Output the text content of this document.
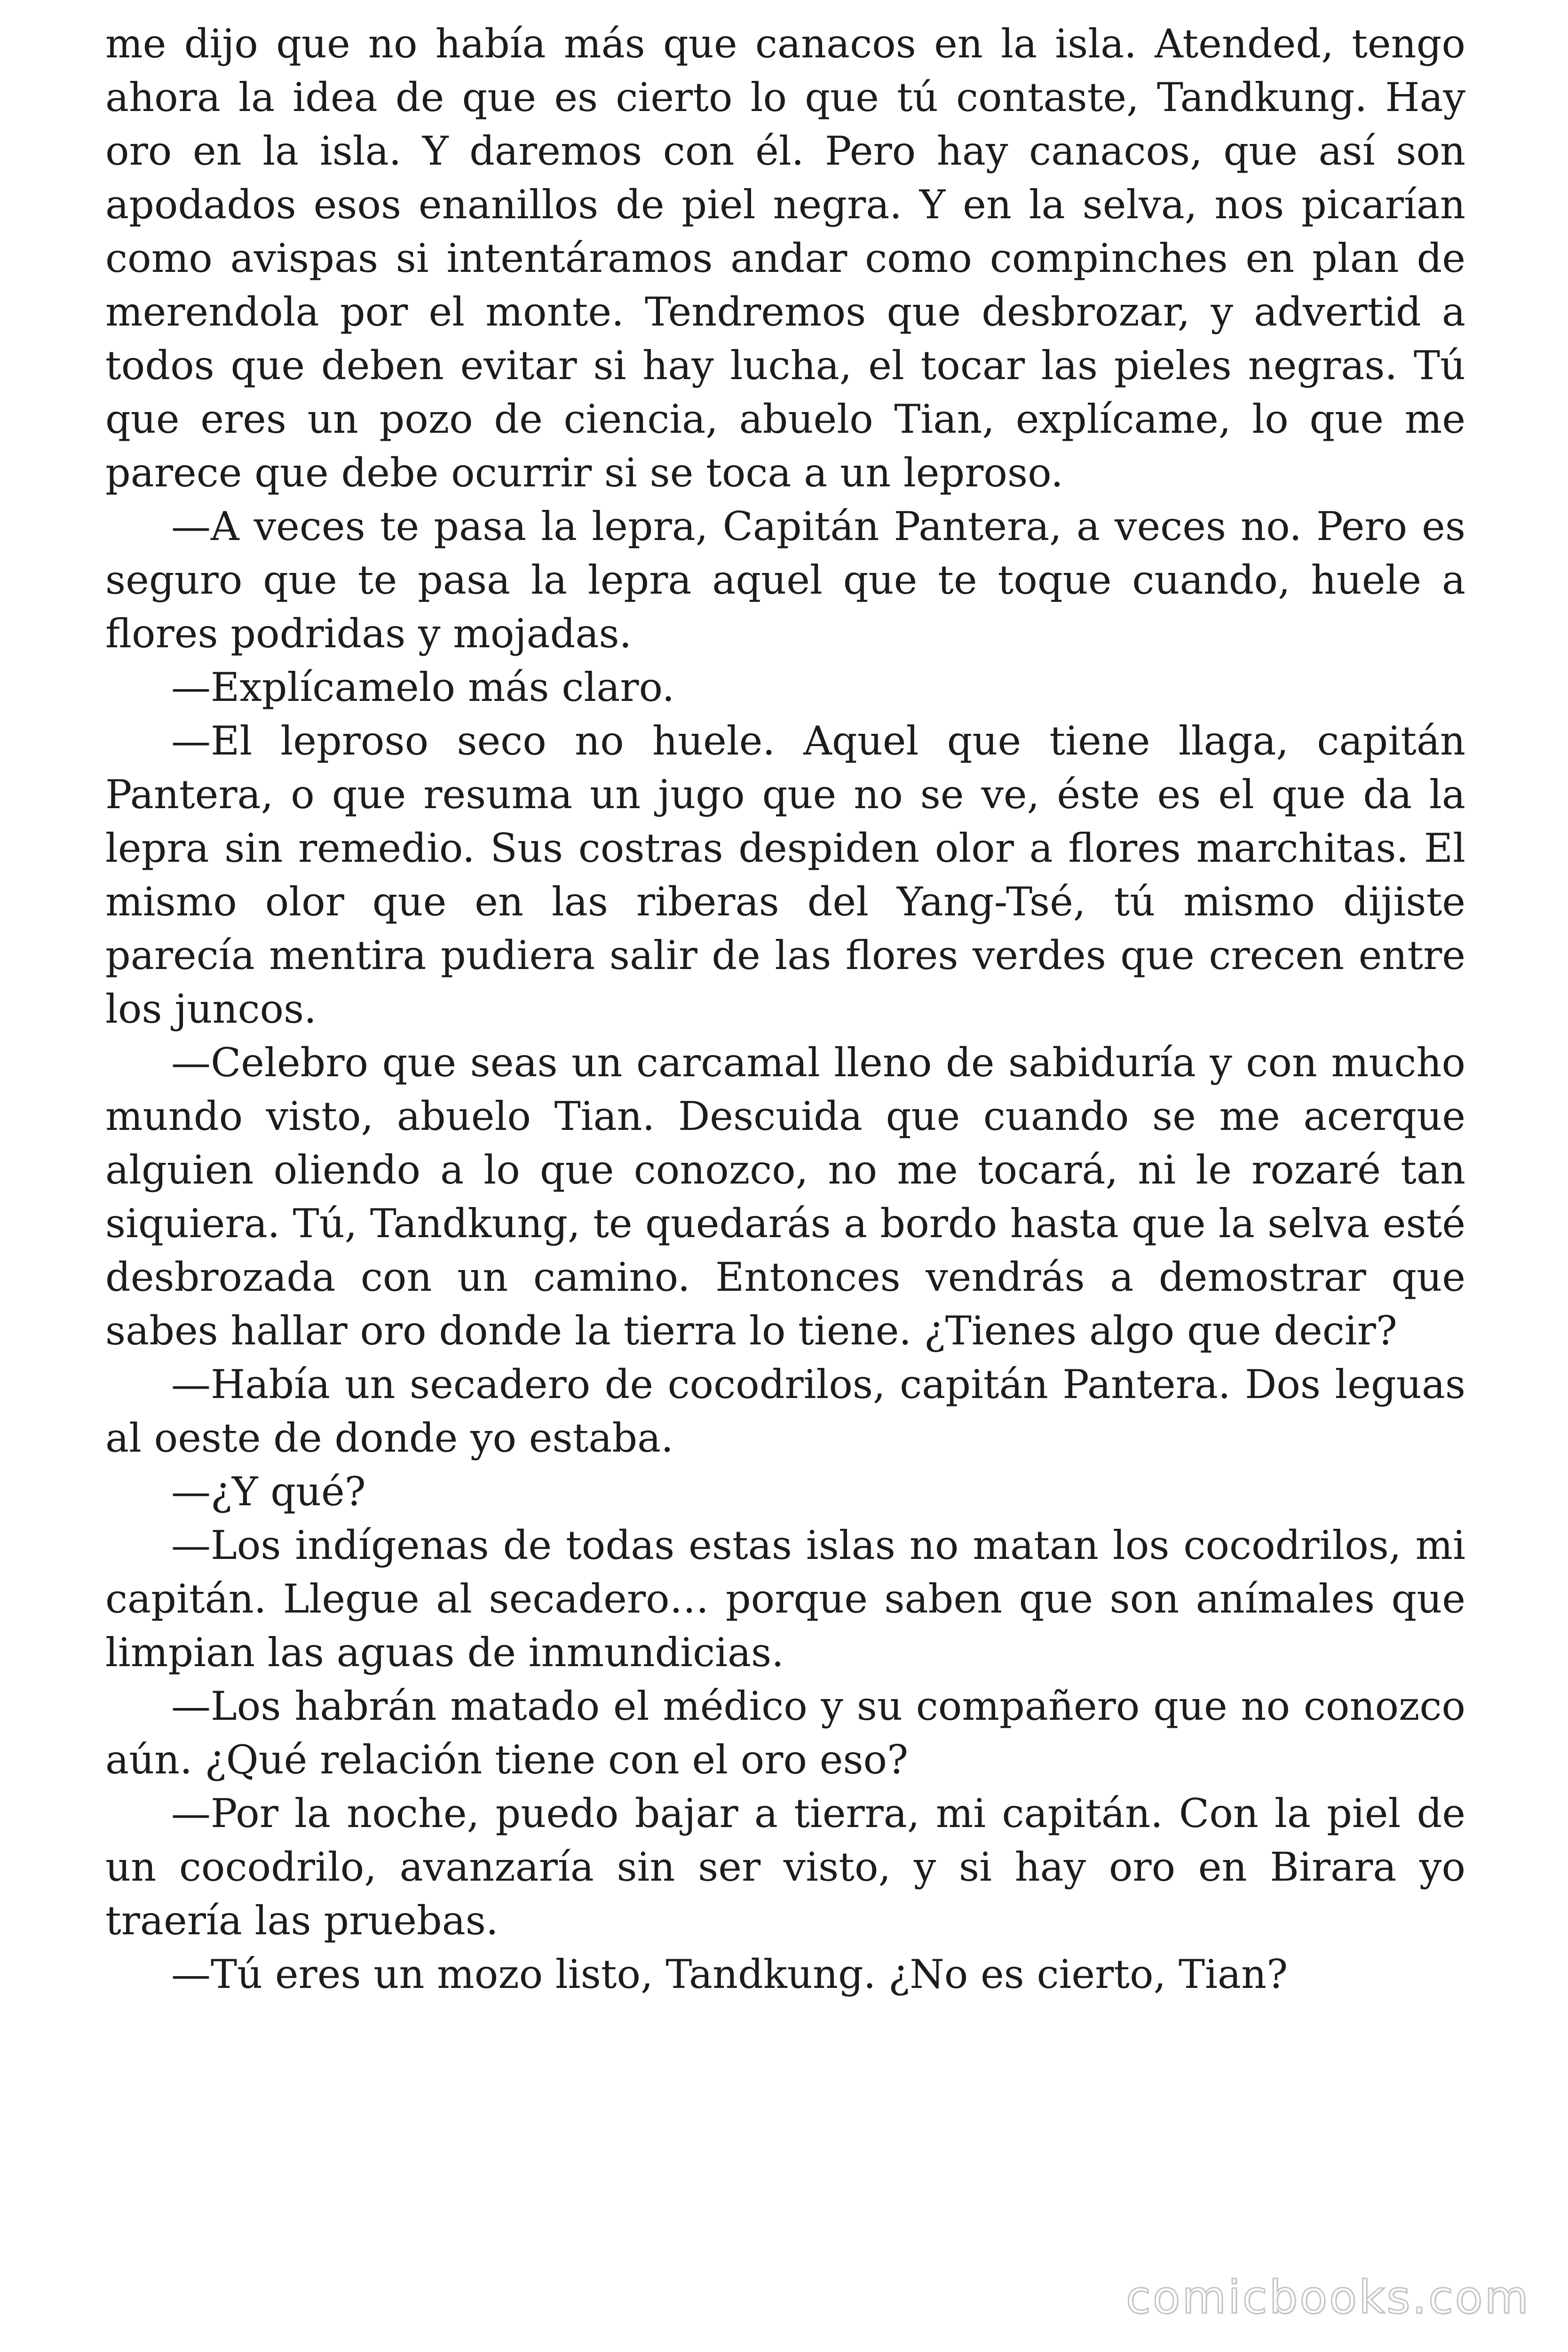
me dijo que no había más que canacos en la isla. Atended, tengo ahora la idea de que es cierto lo que tú contaste, Tandkung. Hay oro en la isla. Y daremos con él. Pero hay canacos, que así son apodados esos enanillos de piel negra. Y en la selva, nos picarían como avispas si intentáramos andar como compinches en plan de merendola por el monte. Tendremos que desbrozar, y advertid a todos que deben evitar si hay lucha, el tocar las pieles negras. Tú que eres un pozo de ciencia, abuelo Tian, explícame, lo que me parece que debe ocurrir si se toca a un leproso.

—A veces te pasa la lepra, Capitán Pantera, a veces no. Pero es seguro que te pasa la lepra aquel que te toque cuando, huele a flores podridas y mojadas.

—Explícamelo más claro.

—El leproso seco no huele. Aquel que tiene llaga, capitán Pantera, o que resuma un jugo que no se ve, éste es el que da la lepra sin remedio. Sus costras despiden olor a flores marchitas. El mismo olor que en las riberas del Yang-Tsé, tú mismo dijiste parecía mentira pudiera salir de las flores verdes que crecen entre los juncos.

—Celebro que seas un carcamal lleno de sabiduría y con mucho mundo visto, abuelo Tian. Descuida que cuando se me acerque alguien oliendo a lo que conozco, no me tocará, ni le rozaré tan siquiera. Tú, Tandkung, te quedarás a bordo hasta que la selva esté desbrozada con un camino. Entonces vendrás a demostrar que sabes hallar oro donde la tierra lo tiene. ¿Tienes algo que decir?

—Había un secadero de cocodrilos, capitán Pantera. Dos leguas al oeste de donde yo estaba.

—¿Y qué?

—Los indígenas de todas estas islas no matan los cocodrilos, mi capitán. Llegue al secadero… porque saben que son anímales que limpian las aguas de inmundicias.

—Los habrán matado el médico y su compañero que no conozco aún. ¿Qué relación tiene con el oro eso?

—Por la noche, puedo bajar a tierra, mi capitán. Con la piel de un cocodrilo, avanzaría sin ser visto, y si hay oro en Birara yo traería las pruebas.

—Tú eres un mozo listo, Tandkung. ¿No es cierto, Tian?

comicbooks.com
